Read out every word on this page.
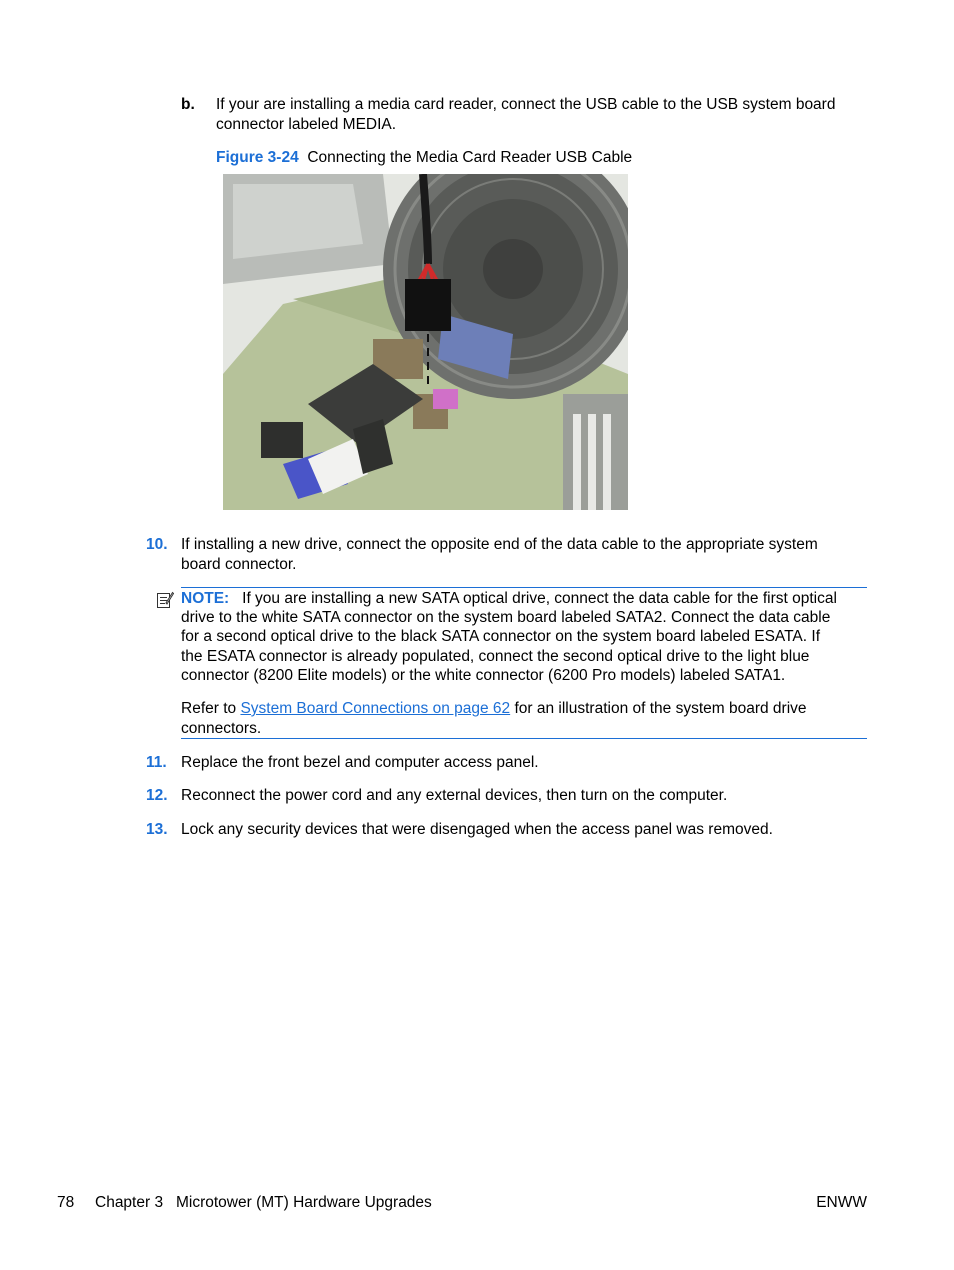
b. If your are installing a media card reader, connect the USB cable to the USB system board
connector labeled MEDIA.
Figure 3-24 Connecting the Media Card Reader USB Cable
10. If installing a new drive, connect the opposite end of the data cable to the appropriate system
board connector.
NOTE: If you are installing a new SATA optical drive, connect the data cable for the first optical
drive to the white SATA connector on the system board labeled SATA2. Connect the data cable
for a second optical drive to the black SATA connector on the system board labeled ESATA. If
the ESATA connector is already populated, connect the second optical drive to the light blue
connector (8200 Elite models) or the white connector (6200 Pro models) labeled SATA1.
Refer to System Board Connections on page 62 for an illustration of the system board drive
connectors.
11. Replace the front bezel and computer access panel.
12. Reconnect the power cord and any external devices, then turn on the computer.
13. Lock any security devices that were disengaged when the access panel was removed.
78 Chapter 3   Microtower (MT) Hardware Upgrades	ENWW
